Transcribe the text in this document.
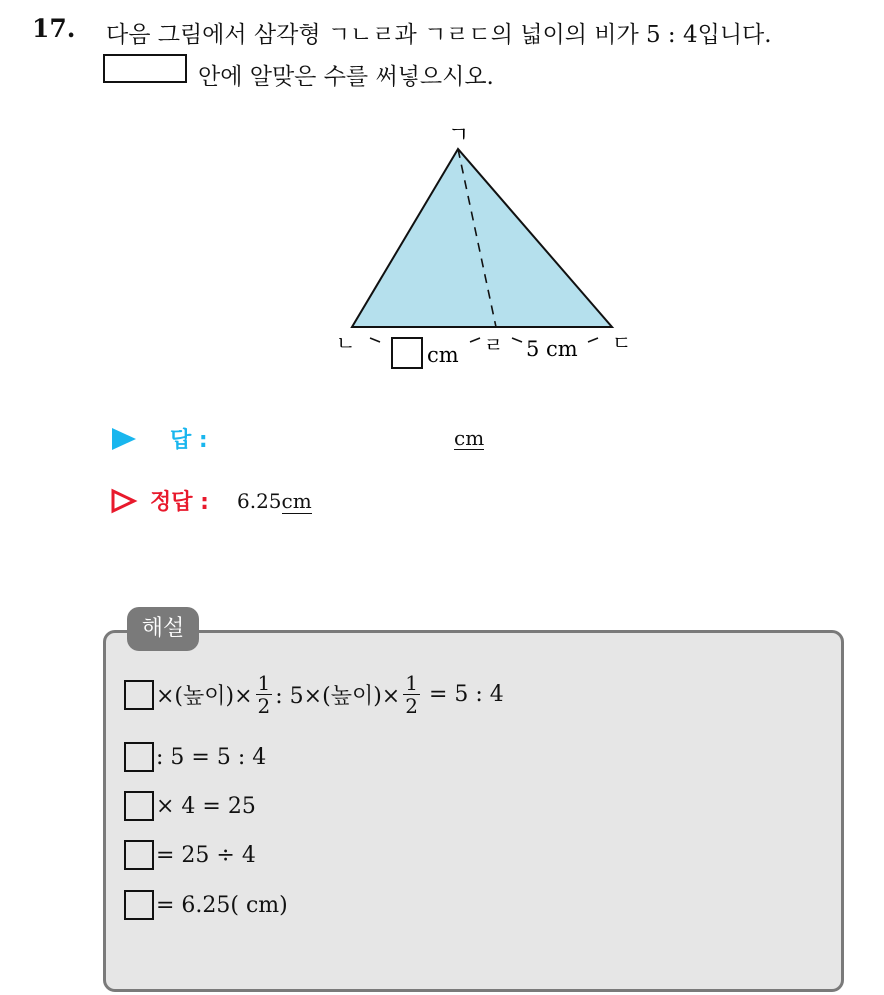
17. 다음 그림에서 삼각형 ㄱㄴㄹ과 ㄱㄹㄷ의 넓이의 비가 5 : 4입니다.
안에 알맞은 수를 써넣으시오.
ㄱ
ㄴ	ㄹ	ㄷ
cm	5 cm
답 :	cm
정답 : 6.25cm
해설
×(높이)× $\frac{1}{2}$ : 5×(높이)× $\frac{1}{2} = 5$ : 4
: 5 = 5 : 4
× 4 = 25
= 25 ÷ 4
= 6.25( cm)
